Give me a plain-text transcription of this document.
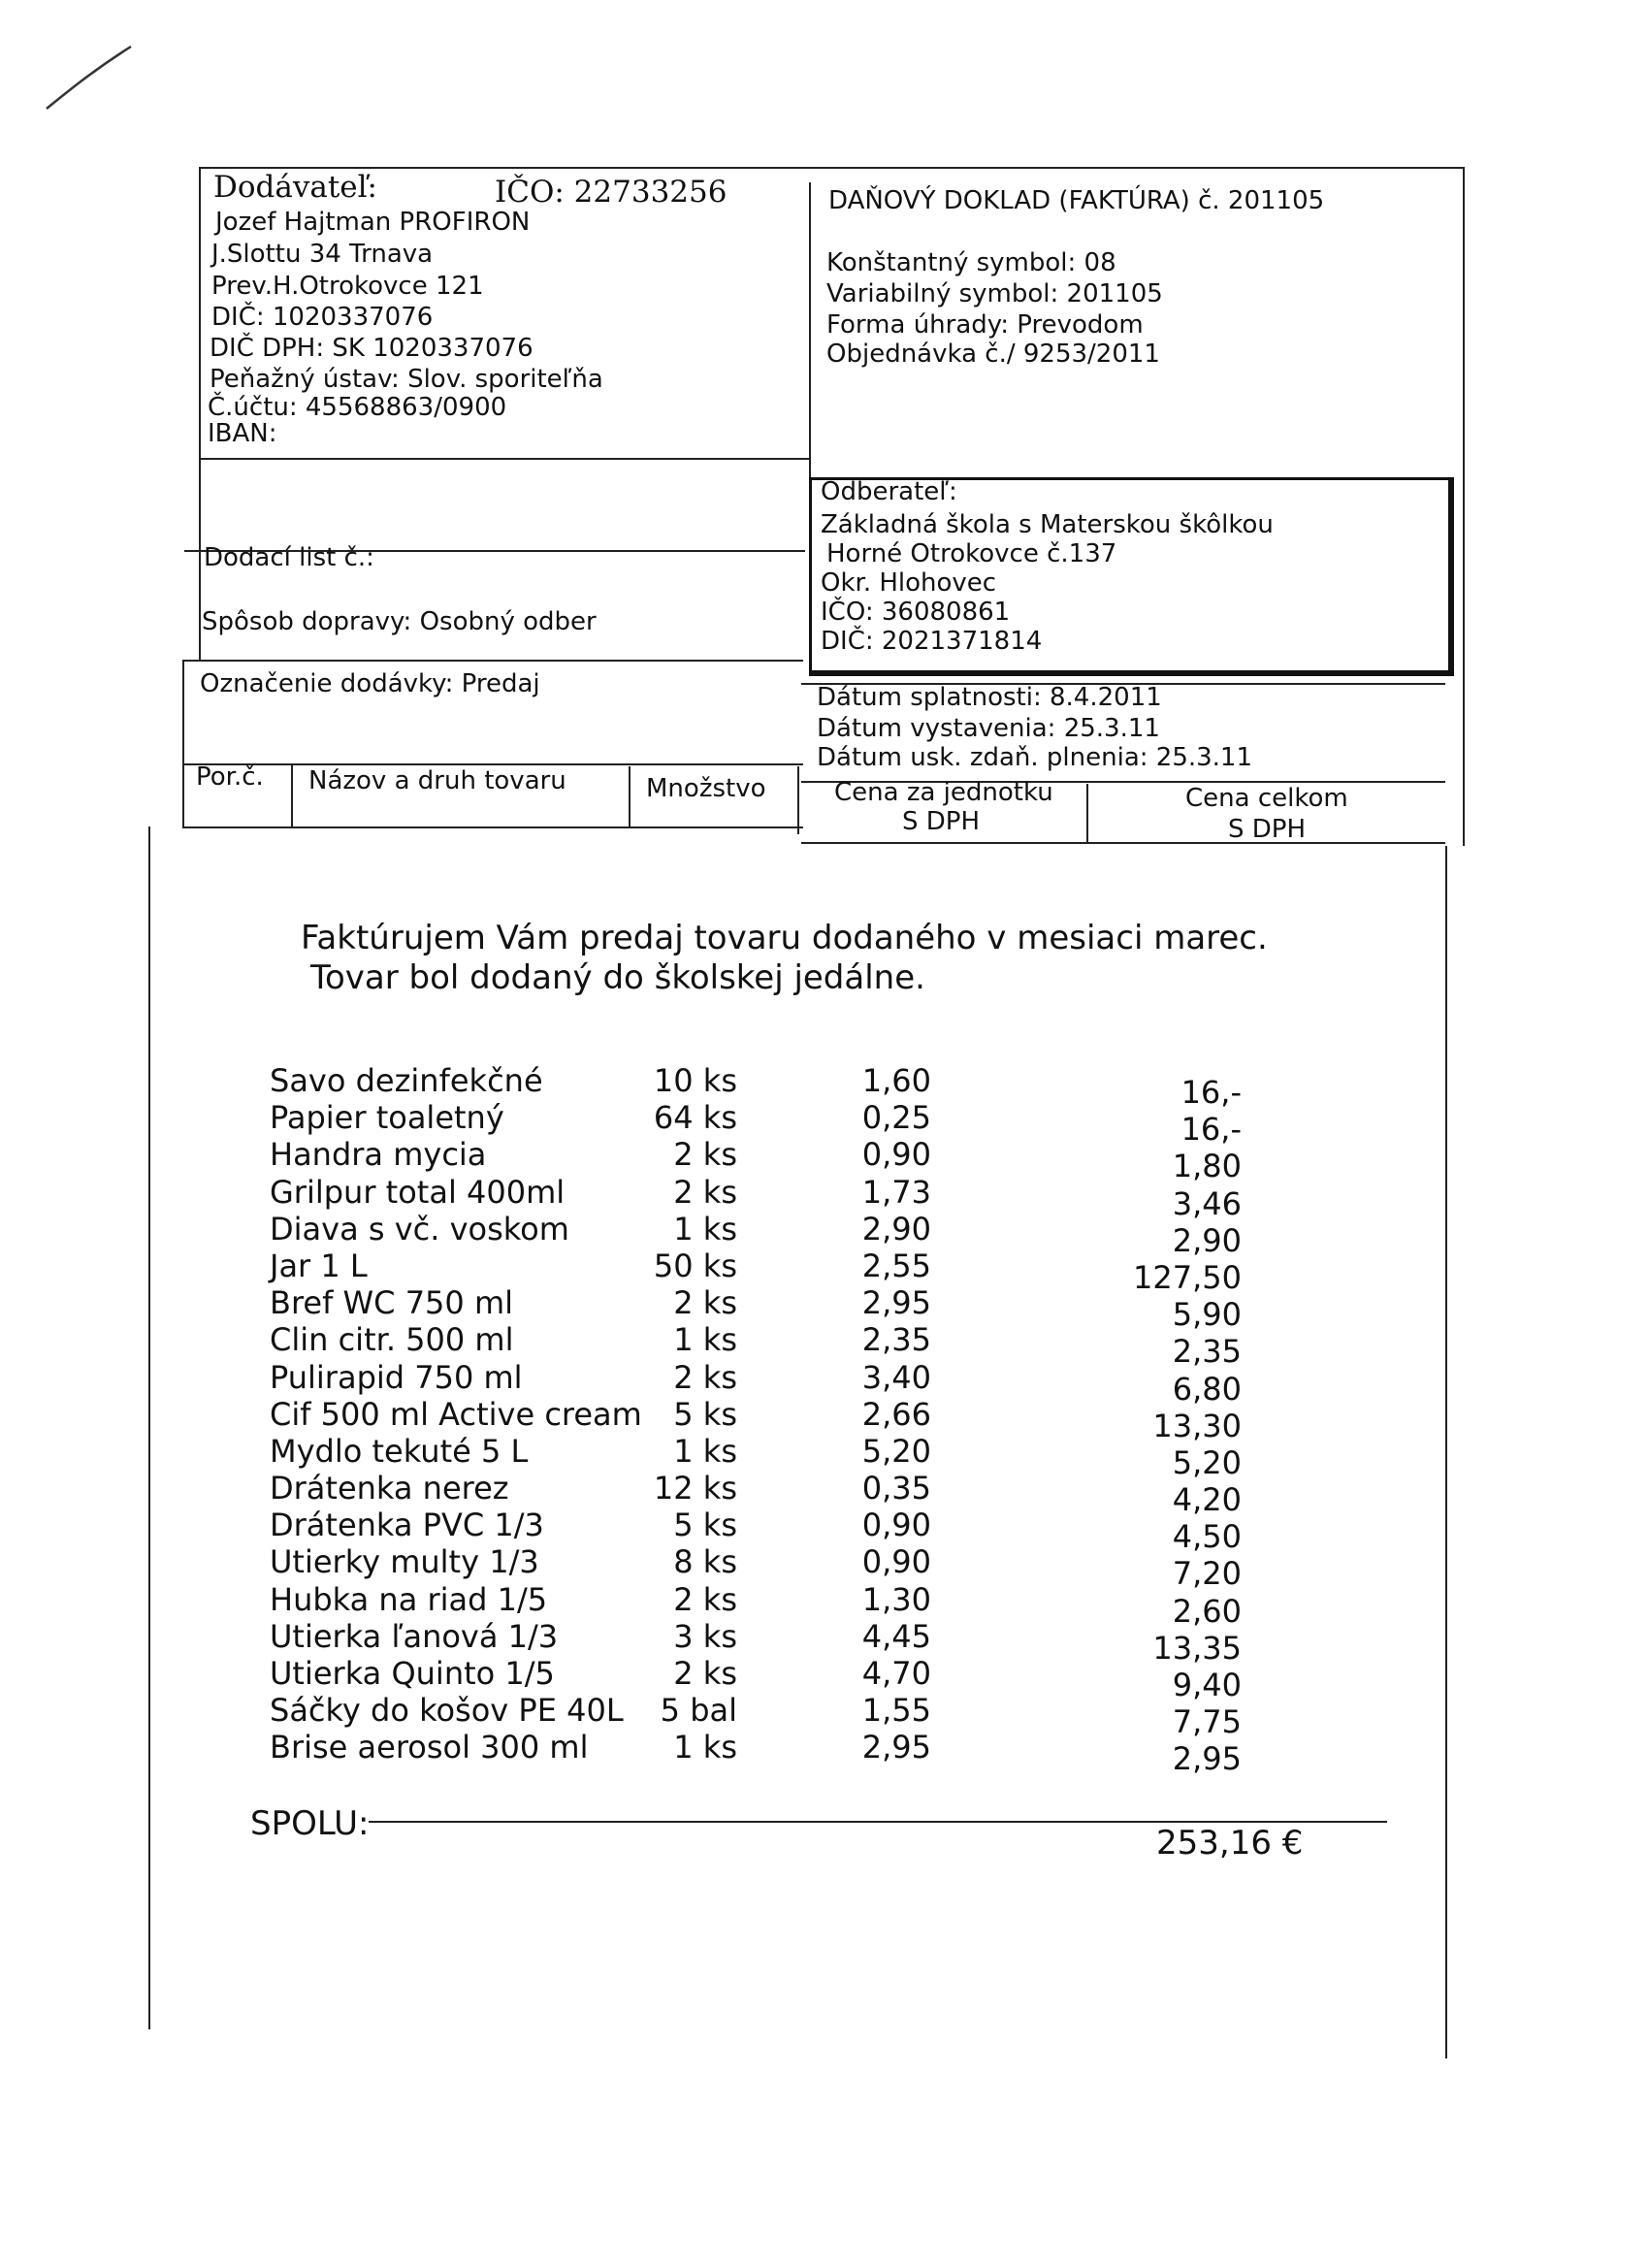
Dodávateľ:	IČO: 22733256
Jozef Hajtman PROFIRON
J.Slottu 34 Trnava
Prev.H.Otrokovce 121
DIČ: 1020337076
DIČ DPH: SK 1020337076
Peňažný ústav: Slov. sporiteľňa
Č.účtu: 45568863/0900
IBAN:
DAŇOVÝ DOKLAD (FAKTÚRA) č. 201105
Konštantný symbol: 08
Variabilný symbol: 201105
Forma úhrady: Prevodom
Objednávka č./ 9253/2011
Dodací list č.:
Spôsob dopravy: Osobný odber
Označenie dodávky: Predaj
Odberateľ:
Základná škola s Materskou škôlkou
Horné Otrokovce č.137
Okr. Hlohovec
IČO: 36080861
DIČ: 2021371814
Dátum splatnosti: 8.4.2011
Dátum vystavenia: 25.3.11
Dátum usk. zdaň. plnenia: 25.3.11
Por.č. Názov a druh tovaru	Množstvo	Cena za jednotku
S DPH
Cena celkom
S DPH
Faktúrujem Vám predaj tovaru dodaného v mesiaci marec.
Tovar bol dodaný do školskej jedálne.
Savo dezinfekčné	10 ks	1,60	16,-
Papier toaletný	64 ks	0,25	16,-
Handra mycia	2 ks	0,90	1,80
Grilpur total 400ml	2 ks	1,73	3,46
Diava s vč. voskom	1 ks	2,90	2,90
Jar 1 L	50 ks	2,55	127,50
Bref WC 750 ml	2 ks	2,95	5,90
Clin citr. 500 ml	1 ks	2,35	2,35
Pulirapid 750 ml	2 ks	3,40	6,80
Cif 500 ml Active cream	5 ks	2,66	13,30
Mydlo tekuté 5 L	1 ks	5,20	5,20
Drátenka nerez	12 ks	0,35	4,20
Drátenka PVC 1/3	5 ks	0,90	4,50
Utierky multy 1/3	8 ks	0,90	7,20
Hubka na riad 1/5	2 ks	1,30	2,60
Utierka ľanová 1/3	3 ks	4,45	13,35
Utierka Quinto 1/5	2 ks	4,70	9,40
Sáčky do košov PE 40L	5 bal	1,55	7,75
Brise aerosol 300 ml	1 ks	2,95	2,95
SPOLU:	253,16 €
